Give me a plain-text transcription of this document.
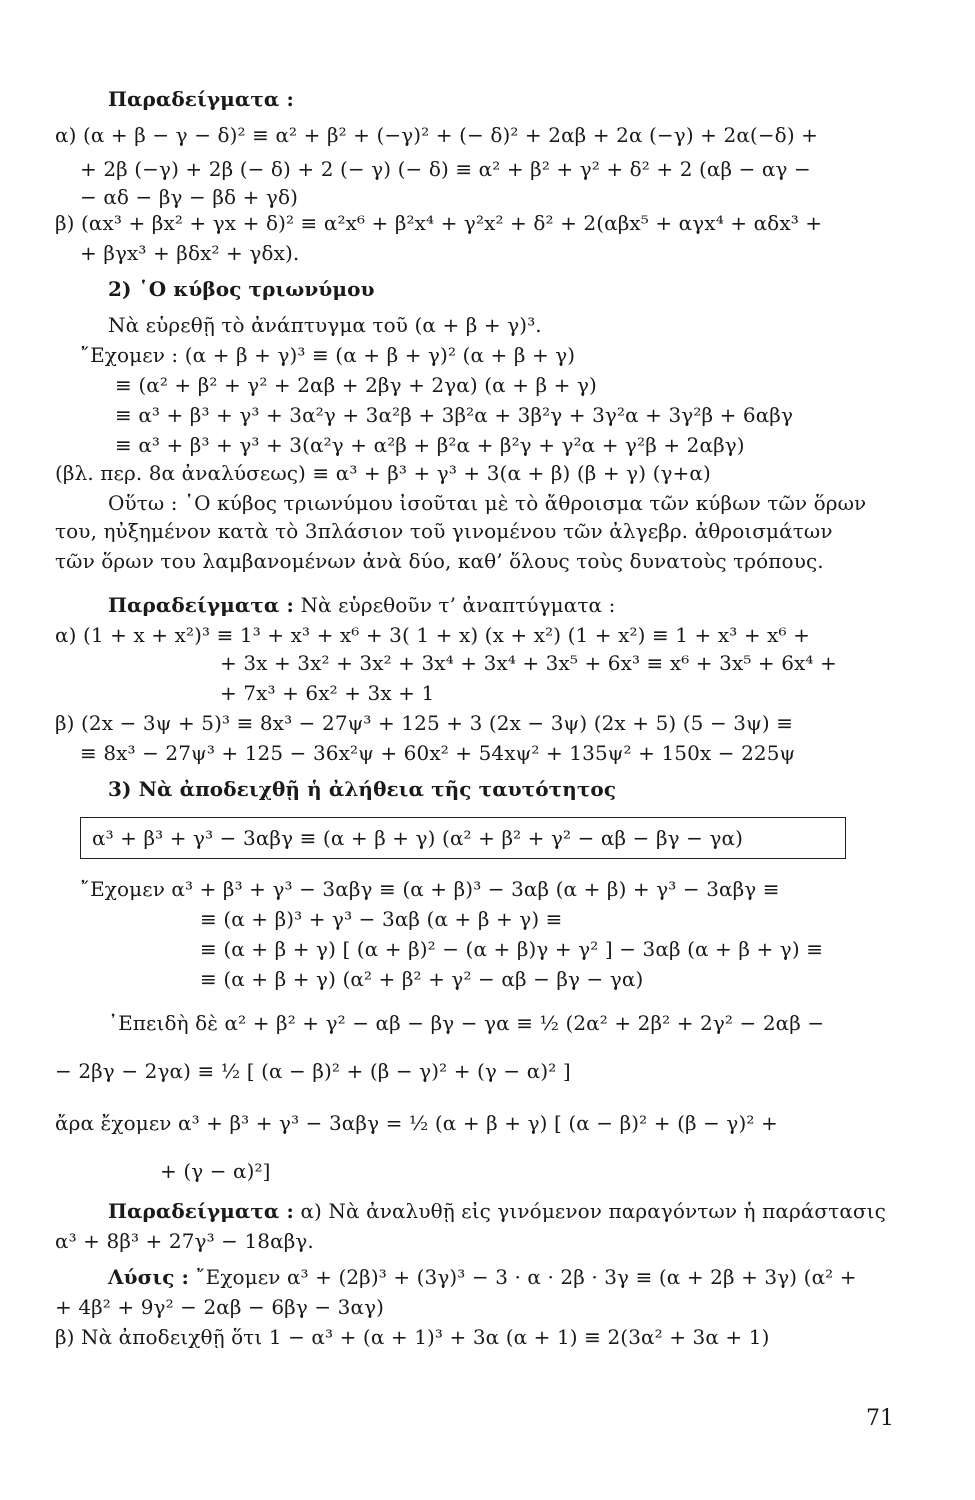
Παραδείγματα :
α) (α + β − γ − δ)² ≡ α² + β² + (−γ)² + (− δ)² + 2αβ + 2α (−γ) + 2α(−δ) +
+ 2β (−γ) + 2β (− δ) + 2 (− γ) (− δ) ≡ α² + β² + γ² + δ² + 2 (αβ − αγ −
− αδ − βγ − βδ + γδ)
β) (αx³ + βx² + γx + δ)² ≡ α²x⁶ + β²x⁴ + γ²x² + δ² + 2(αβx⁵ + αγx⁴ + αδx³ +
+ βγx³ + βδx² + γδx).
2) ῾Ο κύβος τριωνύμου
Νὰ εὑρεθῇ τὸ ἀνάπτυγμα τοῦ (α + β + γ)³.
῎Εχομεν : (α + β + γ)³ ≡ (α + β + γ)² (α + β + γ)
≡ (α² + β² + γ² + 2αβ + 2βγ + 2γα) (α + β + γ)
≡ α³ + β³ + γ³ + 3α²γ + 3α²β + 3β²α + 3β²γ + 3γ²α + 3γ²β + 6αβγ
≡ α³ + β³ + γ³ + 3(α²γ + α²β + β²α + β²γ + γ²α + γ²β + 2αβγ)
(βλ. περ. 8α ἀναλύσεως) ≡ α³ + β³ + γ³ + 3(α + β) (β + γ) (γ+α)
Οὕτω : ῾Ο κύβος τριωνύμου ἰσοῦται μὲ τὸ ἄθροισμα τῶν κύβων τῶν ὅρων
του, ηὐξημένον κατὰ τὸ 3πλάσιον τοῦ γινομένου τῶν ἀλγεβρ. ἀθροισμάτων
τῶν ὅρων του λαμβανομένων ἀνὰ δύο, καθ’ ὅλους τοὺς δυνατοὺς τρόπους.
Παραδείγματα : Νὰ εὑρεθοῦν τ’ ἀναπτύγματα :
α) (1 + x + x²)³ ≡ 1³ + x³ + x⁶ + 3( 1 + x) (x + x²) (1 + x²) ≡ 1 + x³ + x⁶ +
+ 3x + 3x² + 3x² + 3x⁴ + 3x⁴ + 3x⁵ + 6x³ ≡ x⁶ + 3x⁵ + 6x⁴ +
+ 7x³ + 6x² + 3x + 1
β) (2x − 3ψ + 5)³ ≡ 8x³ − 27ψ³ + 125 + 3 (2x − 3ψ) (2x + 5) (5 − 3ψ) ≡
≡ 8x³ − 27ψ³ + 125 − 36x²ψ + 60x² + 54xψ² + 135ψ² + 150x − 225ψ
3) Νὰ ἀποδειχθῇ ἡ ἀλήθεια τῆς ταυτότητος
α³ + β³ + γ³ − 3αβγ ≡ (α + β + γ) (α² + β² + γ² − αβ − βγ − γα)
῎Εχομεν α³ + β³ + γ³ − 3αβγ ≡ (α + β)³ − 3αβ (α + β) + γ³ − 3αβγ ≡
≡ (α + β)³ + γ³ − 3αβ (α + β + γ) ≡
≡ (α + β + γ) [ (α + β)² − (α + β)γ + γ² ] − 3αβ (α + β + γ) ≡
≡ (α + β + γ) (α² + β² + γ² − αβ − βγ − γα)
᾽Επειδὴ δὲ α² + β² + γ² − αβ − βγ − γα ≡ ½ (2α² + 2β² + 2γ² − 2αβ −
− 2βγ − 2γα) ≡ ½ [ (α − β)² + (β − γ)² + (γ − α)² ]
ἄρα ἔχομεν α³ + β³ + γ³ − 3αβγ = ½ (α + β + γ) [ (α − β)² + (β − γ)² +
+ (γ − α)²]
Παραδείγματα : α) Νὰ ἀναλυθῇ εἰς γινόμενον παραγόντων ἡ παράστασις
α³ + 8β³ + 27γ³ − 18αβγ.
Λύσις : ῎Εχομεν α³ + (2β)³ + (3γ)³ − 3 · α · 2β · 3γ ≡ (α + 2β + 3γ) (α² +
+ 4β² + 9γ² − 2αβ − 6βγ − 3αγ)
β) Νὰ ἀποδειχθῇ ὅτι 1 − α³ + (α + 1)³ + 3α (α + 1) ≡ 2(3α² + 3α + 1)
71
